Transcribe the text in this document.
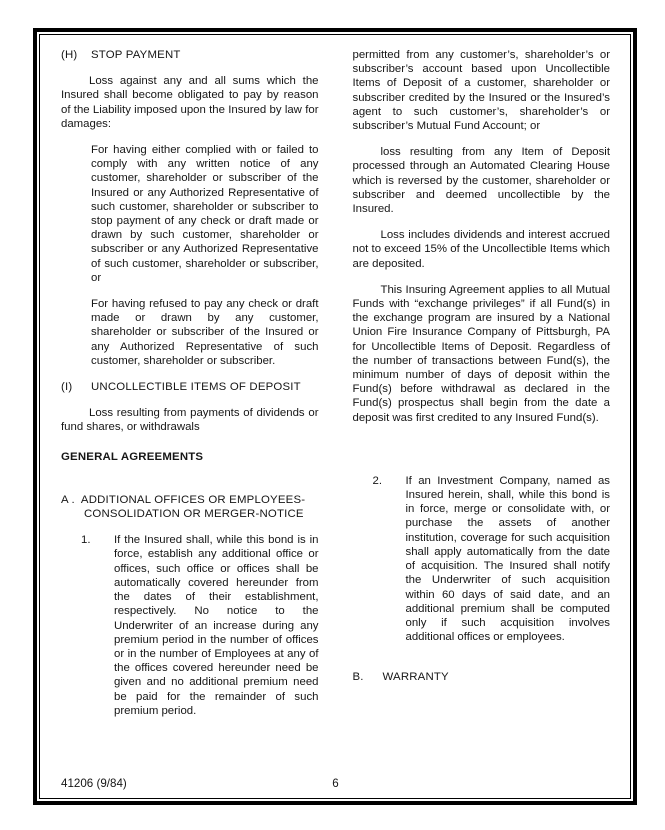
(H)	STOP PAYMENT

Loss against any and all sums which the Insured shall become obligated to pay by reason of the Liability imposed upon the Insured by law for damages:

For having either complied with or failed to comply with any written notice of any customer, shareholder or subscriber of the Insured or any Authorized Representative of such customer, shareholder or subscriber to stop payment of any check or draft made or drawn by such customer, shareholder or subscriber or any Authorized Representative of such customer, shareholder or subscriber, or

For having refused to pay any check or draft made or drawn by any customer, shareholder or subscriber of the Insured or any Authorized Representative of such customer, shareholder or subscriber.

(I)	UNCOLLECTIBLE ITEMS OF DEPOSIT

Loss resulting from payments of dividends or fund shares, or withdrawals

GENERAL AGREEMENTS
A . ADDITIONAL OFFICES OR EMPLOYEES-CONSOLIDATION OR MERGER-NOTICE
1. If the Insured shall, while this bond is in force, establish any additional office or offices, such office or offices shall be automatically covered hereunder from the dates of their establishment, respectively. No notice to the Underwriter of an increase during any premium period in the number of offices or in the number of Employees at any of the offices covered hereunder need be given and no additional premium need be paid for the remainder of such premium period.

permitted from any customer’s, shareholder’s or subscriber’s account based upon Uncollectible Items of Deposit of a customer, shareholder or subscriber credited by the Insured or the Insured’s agent to such customer’s, shareholder’s or subscriber’s Mutual Fund Account; or

loss resulting from any Item of Deposit processed through an Automated Clearing House which is reversed by the customer, shareholder or subscriber and deemed uncollectible by the Insured.

Loss includes dividends and interest accrued not to exceed 15% of the Uncollectible Items which are deposited.

This Insuring Agreement applies to all Mutual Funds with “exchange privileges” if all Fund(s) in the exchange program are insured by a National Union Fire Insurance Company of Pittsburgh, PA for Uncollectible Items of Deposit. Regardless of the number of transactions between Fund(s), the minimum number of days of deposit within the Fund(s) before withdrawal as declared in the Fund(s) prospectus shall begin from the date a deposit was first credited to any Insured Fund(s).

2. If an Investment Company, named as Insured herein, shall, while this bond is in force, merge or consolidate with, or purchase the assets of another institution, coverage for such acquisition shall apply automatically from the date of acquisition. The Insured shall notify the Underwriter of such acquisition within 60 days of said date, and an additional premium shall be computed only if such acquisition involves additional offices or employees.

B.	WARRANTY
41206 (9/84)	6
